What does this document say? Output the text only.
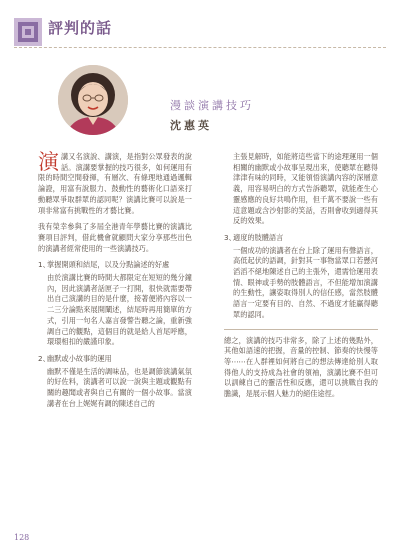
評判的話
漫談演講技巧
沈惠英

演講又名演說、講演，是指對公眾發表的說話。演講要掌握的技巧很多，如何運用有限的時間空間發揮，有層次、有條理地通過邏輯論證，用富有說服力、鼓動性的藝術化口語來打動聽眾爭取群眾的認同呢？演講比賽可以說是一項非常富有挑戰性的才藝比賽。

我有榮幸參與了多屆全港青年學藝比賽的演講比賽項目評判，借此機會就顧問大家分享那些出色的演講者經常使用的一些演講技巧。

1、
掌握開頭和結尾，以及分點論述的好處

由於演講比賽的時間大都限定在短短的幾分鐘內，因此演講者話匣子一打開，很快就需要帶出自己演講的目的是什麼，接著便將內容以一二三分論點來展開闡述，結尾時再用簡單的方式，引用一句名人嘉言發警告聽之論，重新強調自己的觀點，這個目的就是給人首尾呼應，環環相扣的嚴謹印象。

2、
幽默或小故事的運用

幽默不僅是生活的調味品，也是調節演講氣氛的好佐料，演講者可以說一說與主題或觀點有關的趣聞或者與自己有關的一個小故事。當演講者在台上娓娓有調的陳述自己的

主張見解時，如能將這些當下的途理運用一個相關的幽默或小故事呈現出來，使聽眾在聽得津津有味的同時，又能領悟演講內容的深層意義，用容易明白的方式告訴聽眾，就能產生心靈感應的良好共鳴作用，但千萬不要說一些有這意題或含沙射影的笑話，否則會收到適得其反的效果。

3、
適度的肢體語言

一個成功的演講者在台上除了運用有聲語言，高低起伏的語調，針對其一事物當眾口若懸河滔滔不絕地陳述自己的主張外，還需恰運用表情、眼神或手勢的肢體語言，不但能增加演講的生動性，讓姿取得別人的信任感，當然肢體語言一定要有目的、自然、不過度才能贏得聽眾的認同。

總之，演講的技巧非常多，除了上述的幾點外，其他如語速的把握，音量的控制、節奏的快慢等等⋯⋯在人群裡如何將自己的想法傳達給別人取得他人的支持成為社會的領袖，演講比賽不但可以訓練自己的靈活性和反應，還可以挑戰自我的膽識，是展示個人魅力的絕佳途徑。

128
